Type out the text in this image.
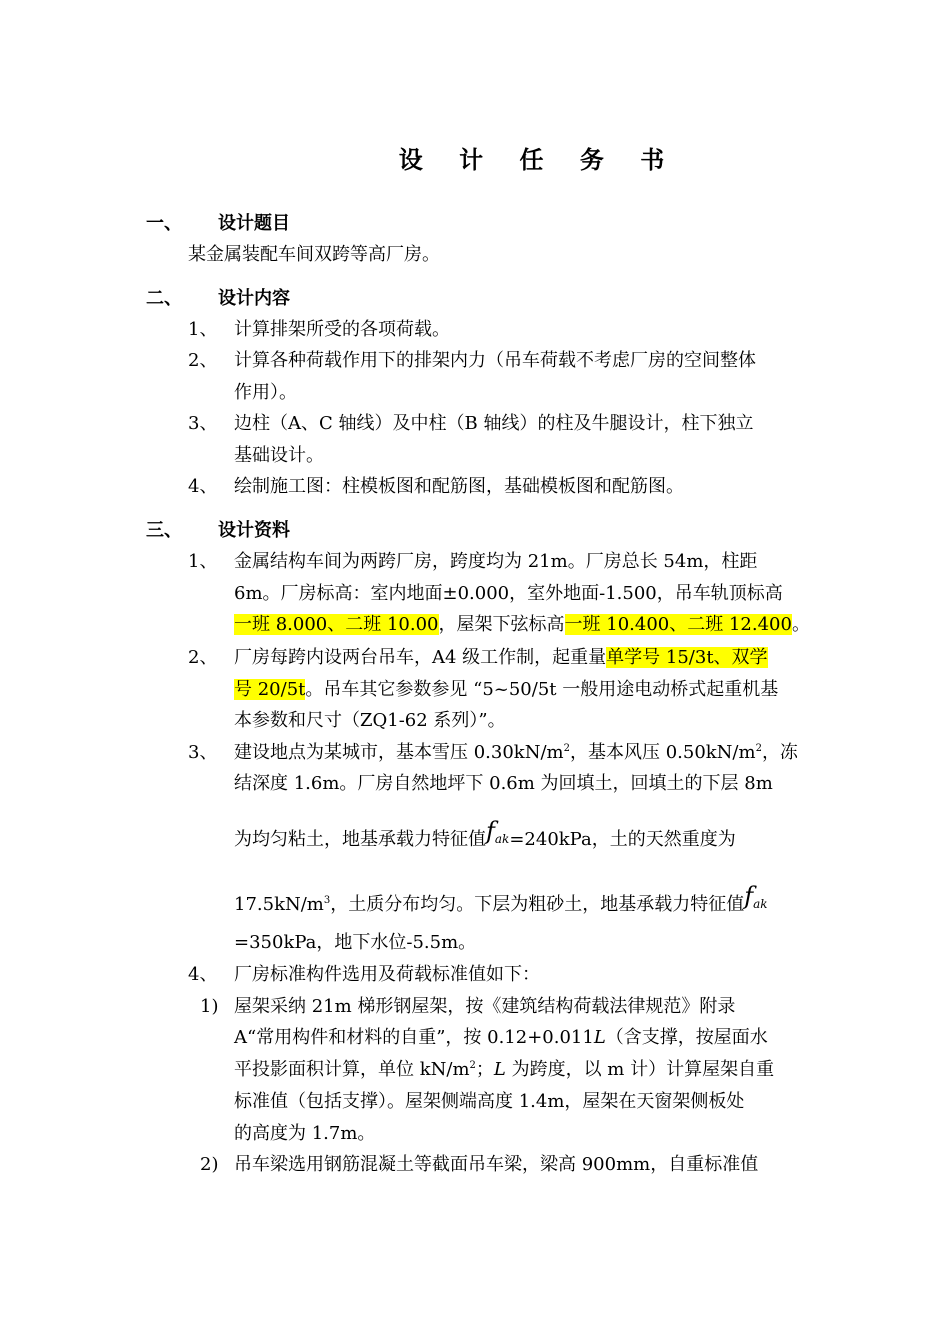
设 计 任 务 书
一、 设计题目
某金属装配车间双跨等高厂房。
二、 设计内容
1、 计算排架所受的各项荷载。
2、 计算各种荷载作用下的排架内力（吊车荷载不考虑厂房的空间整体
作用）。
3、 边柱（A、C 轴线）及中柱（B 轴线）的柱及牛腿设计，柱下独立
基础设计。
4、 绘制施工图：柱模板图和配筋图，基础模板图和配筋图。
三、 设计资料
1、 金属结构车间为两跨厂房，跨度均为 21m。厂房总长 54m，柱距
6m。厂房标高：室内地面±0.000，室外地面-1.500，吊车轨顶标高
一班 8.000、二班 10.00，屋架下弦标高一班 10.400、二班 12.400。
2、 厂房每跨内设两台吊车，A4 级工作制，起重量单学号 15/3t、双学
号 20/5t。吊车其它参数参见 “5~50/5t 一般用途电动桥式起重机基
本参数和尺寸（ZQ1-62 系列）”。
3、 建设地点为某城市，基本雪压 $0.30kN/m^2$，基本风压 $0.50kN/m^2$，冻
结深度 1.6m。厂房自然地坪下 0.6m 为回填土，回填土的下层 8m
为均匀粘土，地基承载力特征值$f_{ak}=240kPa$，土的天然重度为
$17.5kN/m^3$，土质分布均匀。下层为粗砂土，地基承载力特征值$f_{ak}$
=350kPa，地下水位-5.5m。
4、 厂房标准构件选用及荷载标准值如下：
1) 屋架采纳 21m 梯形钢屋架，按《建筑结构荷载法律规范》附录
A“常用构件和材料的自重”，按 0.12+0.011L（含支撑，按屋面水
平投影面积计算，单位 $kN/m^2$；L 为跨度，以 m 计）计算屋架自重
标准值（包括支撑）。屋架侧端高度 1.4m，屋架在天窗架侧板处
的高度为 1.7m。
2) 吊车梁选用钢筋混凝土等截面吊车梁，梁高 900mm，自重标准值
